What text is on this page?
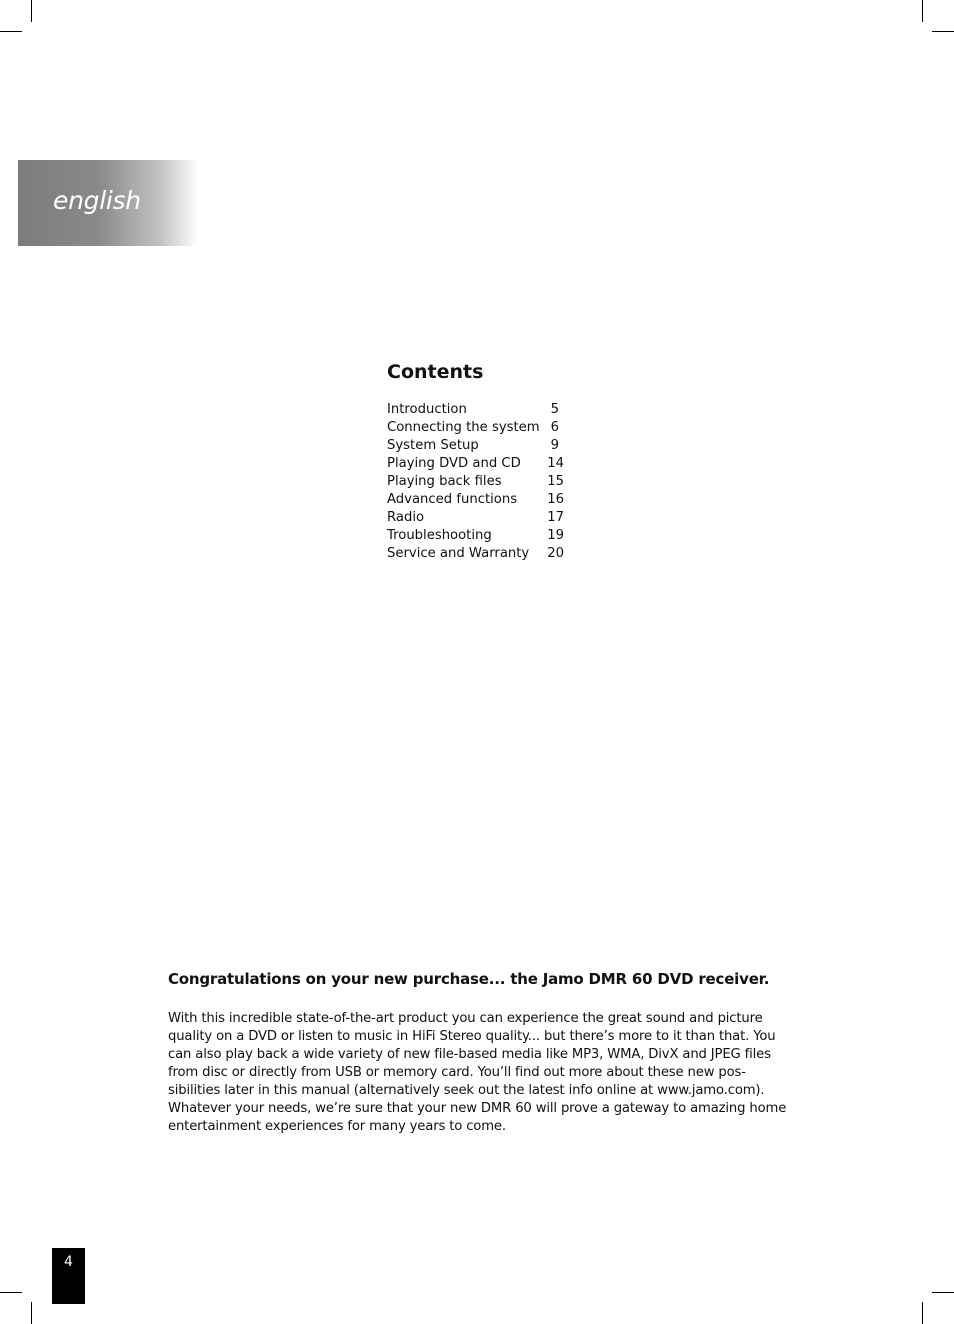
english
Contents
Introduction	5
Connecting the system 6
System Setup	9
Playing DVD and CD 14
Playing back files	15
Advanced functions 16
Radio	17
Troubleshooting	19
Service and Warranty 20
Congratulations on your new purchase... the Jamo DMR 60 DVD receiver.
With this incredible state-of-the-art product you can experience the great sound and picture
quality on a DVD or listen to music in HiFi Stereo quality... but there’s more to it than that. You
can also play back a wide variety of new file-based media like MP3, WMA, DivX and JPEG files
from disc or directly from USB or memory card. You’ll find out more about these new pos-
sibilities later in this manual (alternatively seek out the latest info online at www.jamo.com).
Whatever your needs, we’re sure that your new DMR 60 will prove a gateway to amazing home
entertainment experiences for many years to come.
4
